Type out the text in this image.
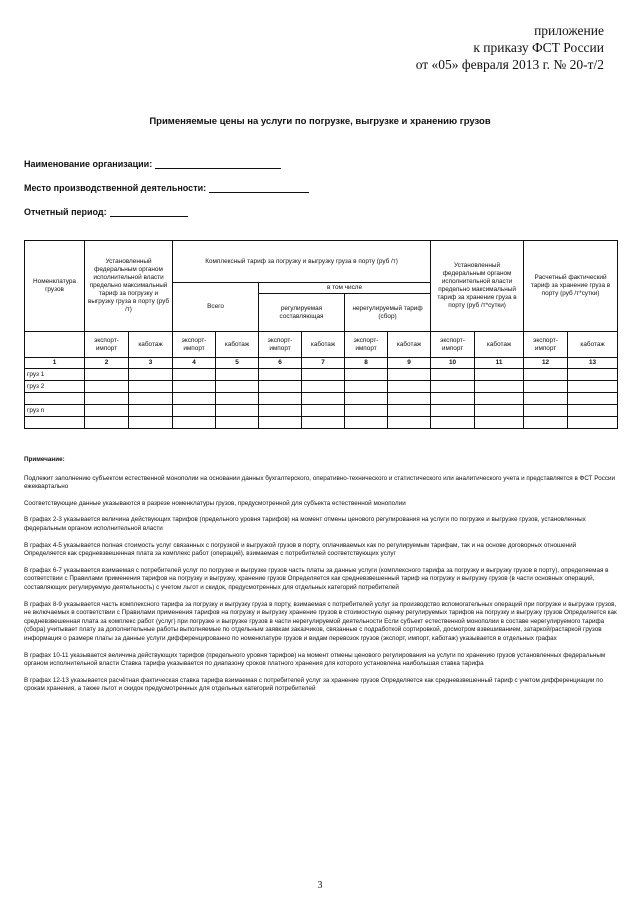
приложение
к приказу ФСТ России
от «05» февраля 2013 г. № 20-т/2
Применяемые цены на услуги по погрузке, выгрузке и хранению грузов
Наименование организации:
Место производственной деятельности:
Отчетный период:
Номенклатура грузов	Установленный федеральным органом исполнительной власти предельно максимальный тариф за погрузку и выгрузку груза в порту (руб /т)		Комплексный тариф за погрузку и выгрузку груза в порту (руб /т)						Установленный федеральным органом исполнительной власти предельно максимальный тариф за хранение груза в порту (руб /т*сутки)		Расчетный фактический тариф за хранение груза в порту (руб /т*сутки)	
			Всего		в том числе							
					регулируемая составляющая		нерегулируемый тариф (сбор)					
	экспорт-импорт	каботаж	экспорт-импорт	каботаж	экспорт-импорт	каботаж	экспорт-импорт	каботаж	экспорт-импорт	каботаж	экспорт-импорт	каботаж
1	2	3	4	5	6	7	8	9	10	11	12	13
груз 1												
груз 2												

груз n												

Примечание:

Подлежит заполнению субъектом естественной монополии на основании данных бухгалтерского, оперативно-технического и статистического или аналитического учета и представляется в ФСТ России ежеквартально

Соответствующие данные указываются в разрезе номенклатуры грузов, предусмотренной для субъекта естественной монополии

В графах 2-3 указывается величина действующих тарифов (предельного уровня тарифов) на момент отмены ценового регулирования на услуги по погрузке и выгрузке грузов, установленных федеральным органом исполнительной власти

В графах 4-5 указывается полная стоимость услуг связанных с погрузкой и выгрузкой грузов в порту, оплачиваемых как по регулируемым тарифам, так и на основе договорных отношений Определяется как средневзвешенная плата за комплекс работ (операций), взимаемая с потребителей соответствующих услуг

В графах 6-7 указывается взимаемая с потребителей услуг по погрузке и выгрузке грузов часть платы за данные услуги (комплексного тарифа за погрузку и выгрузку грузов в порту), определяемая в соответствии с Правилами применения тарифов на погрузку и выгрузку, хранение грузов Определяется как средневзвешенный тариф на погрузку и выгрузку грузов (в части основных операций, составляющих регулируемую деятельность) с учетом льгот и скидок, предусмотренных для отдельных категорий потребителей

В графах 8-9 указывается часть комплексного тарифа за погрузку и выгрузку груза в порту, взимаемая с потребителей услуг за производство вспомогательных операций при погрузке и выгрузке грузов, не включаемых в соответствии с Правилами применения тарифов на погрузку и выгрузку хранение грузов в стоимостную оценку регулируемых тарифов на погрузку и выгрузку грузов Определяется как средневзвешенная плата за комплекс работ (услуг) при погрузке и выгрузке грузов в части нерегулируемой деятельности Если субъект естественной монополии в составе нерегулируемого тарифа (сбора) учитывает плату за дополнительные работы выполняемые по отдельным заявкам заказчиков, связанные с подработкой сортировкой, досмотром взвешиванием, затаркой/растаркой грузов информация о размере платы за данные услуги дифференцированно по номенклатуре грузов и видам перевозок грузов (экспорт, импорт, каботаж) указывается в отдельных графах

В графах 10-11 указывается величина действующих тарифов (предельного уровня тарифов) на момент отмены ценового регулирования на услуги по хранению грузов установленных федеральным органом исполнительной власти Ставка тарифа указывается по диапазону сроков платного хранения для которого установлена наибольшая ставка тарифа

В графах 12-13 указывается расчётная фактическая ставка тарифа взимаемая с потребителей услуг за хранение грузов Определяется как средневзвешенный тариф с учетом дифференциации по срокам хранения, а также льгот и скидок предусмотренных для отдельных категорий потребителей

3
